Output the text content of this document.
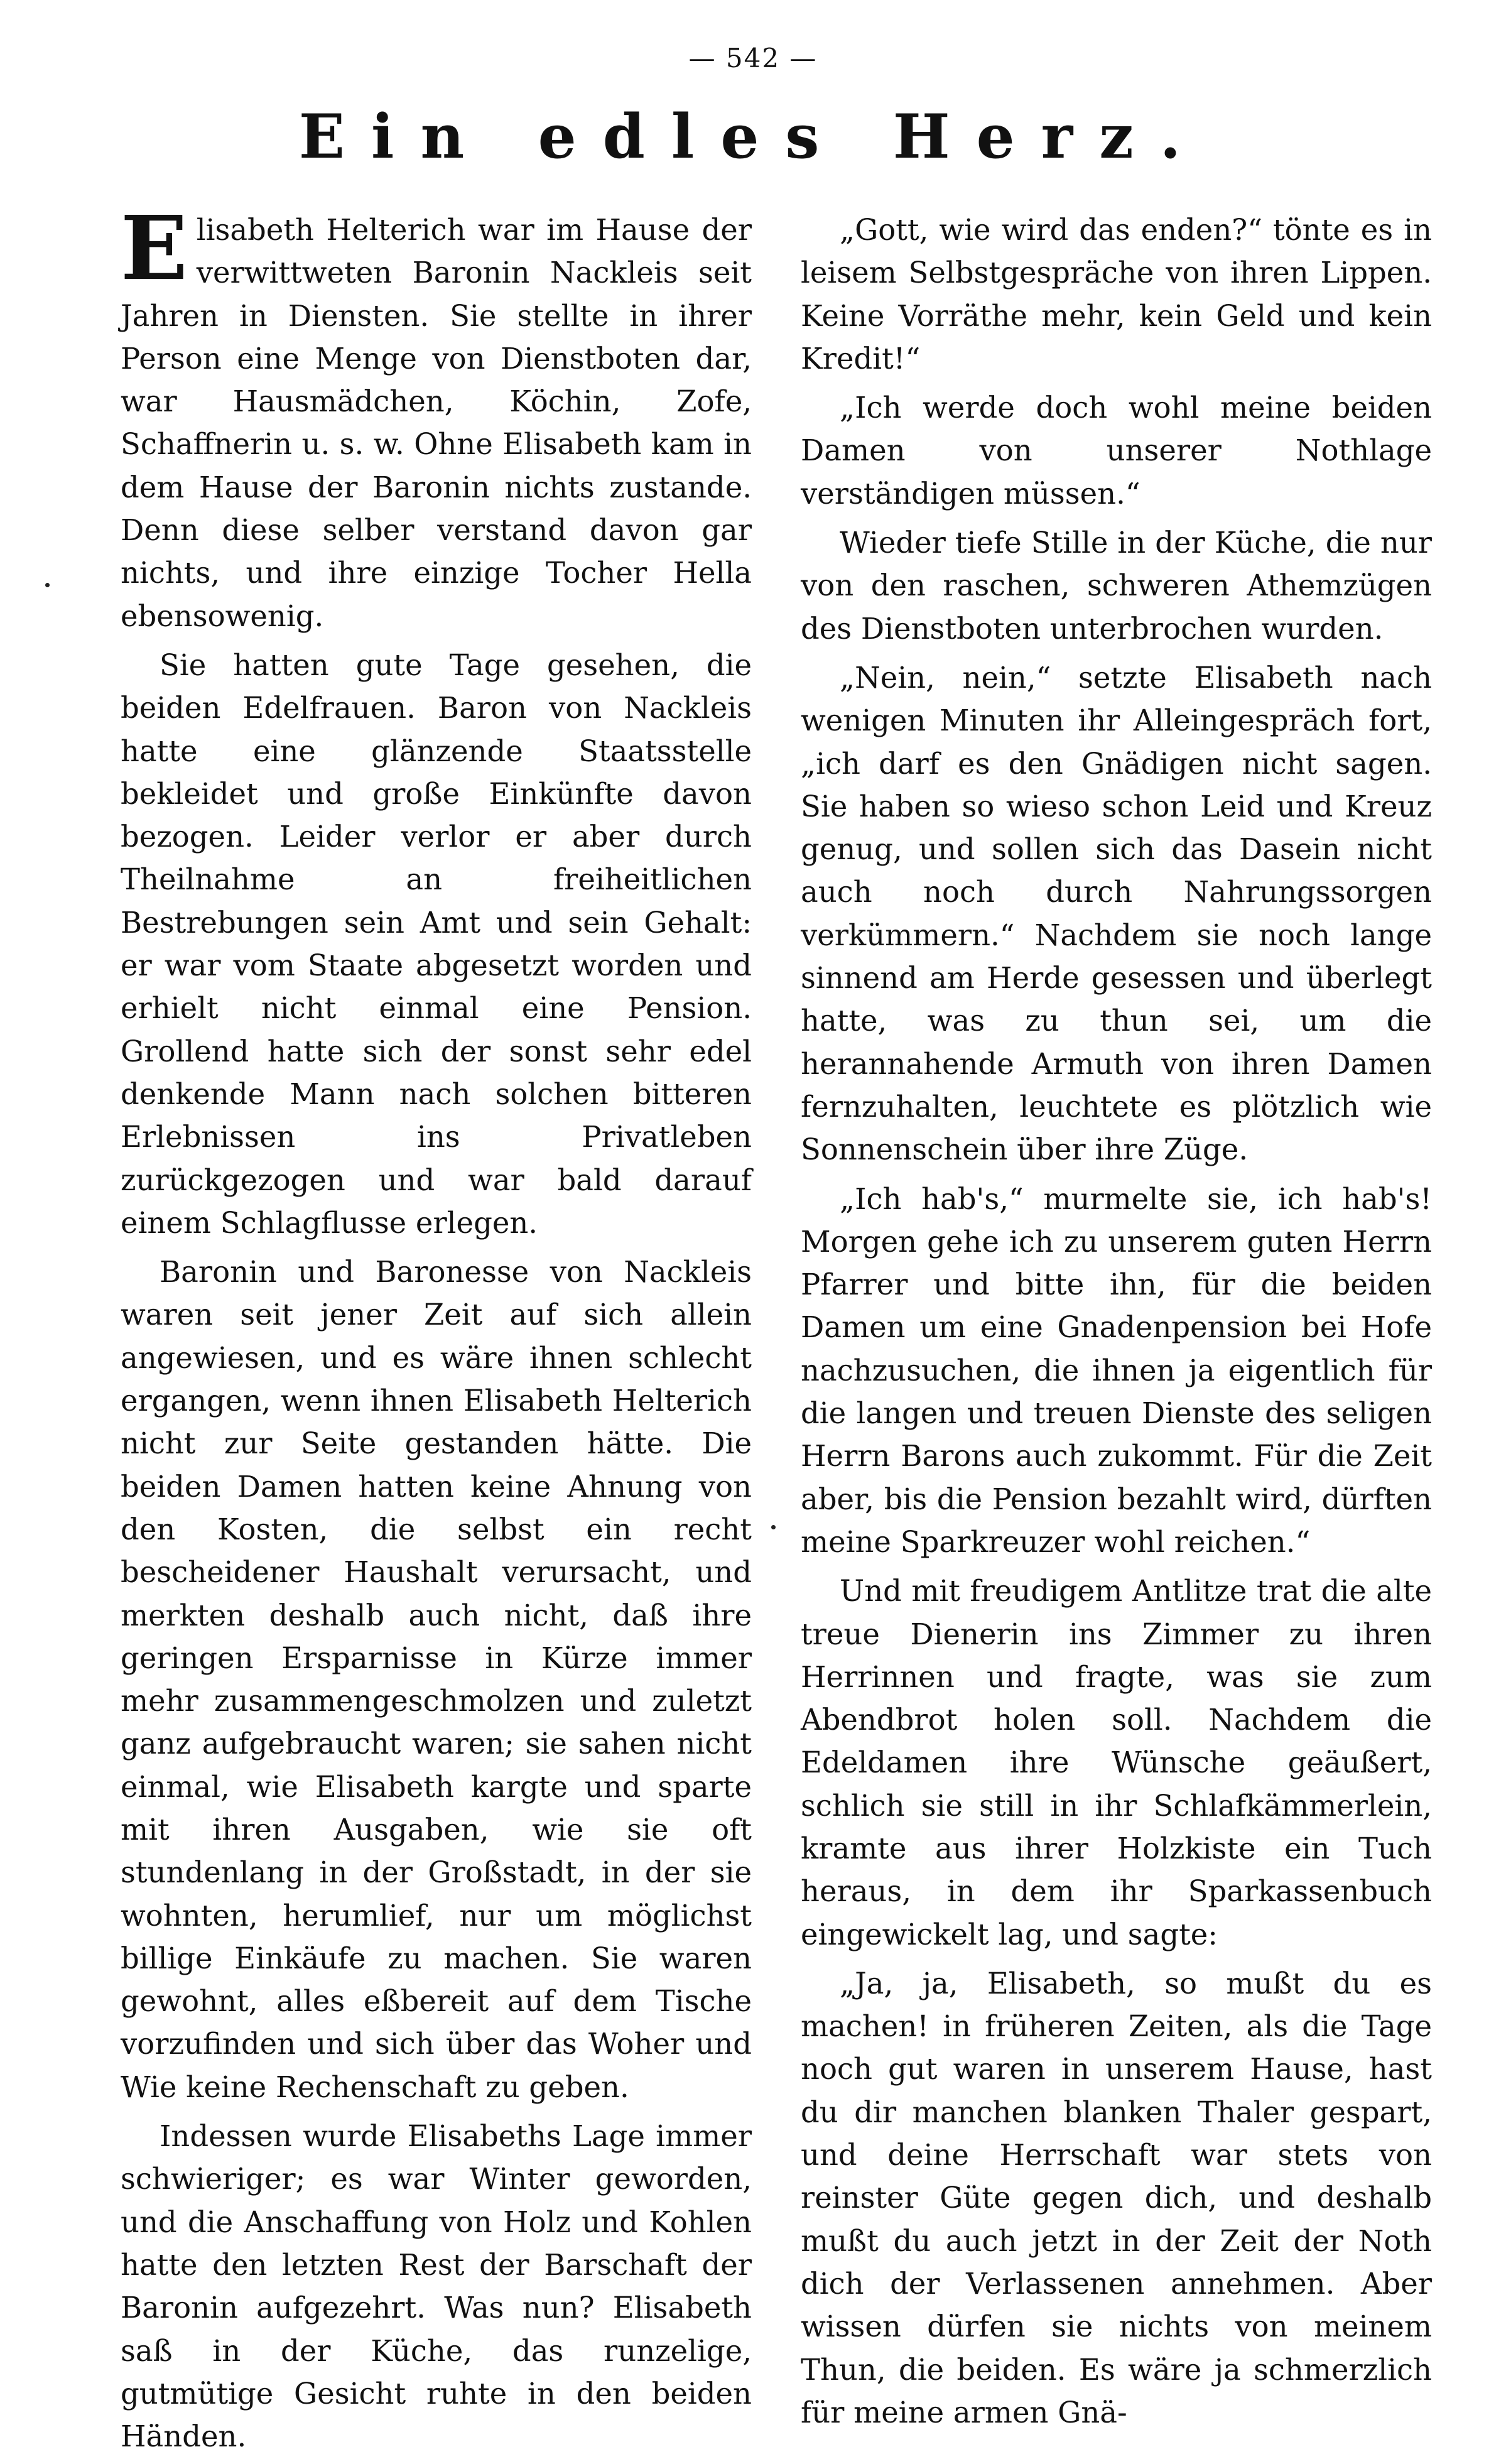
— 542 —
Ein edles Herz.

Elisabeth Helterich war im Hause der verwittweten Baronin Nackleis seit Jahren in Diensten. Sie stellte in ihrer Person eine Menge von Dienstboten dar, war Hausmädchen, Köchin, Zofe, Schaffnerin u. s. w. Ohne Elisabeth kam in dem Hause der Baronin nichts zustande. Denn diese selber verstand davon gar nichts, und ihre einzige Tocher Hella ebensowenig.

Sie hatten gute Tage gesehen, die beiden Edelfrauen. Baron von Nackleis hatte eine glänzende Staatsstelle bekleidet und große Einkünfte davon bezogen. Leider verlor er aber durch Theilnahme an freiheitlichen Bestrebungen sein Amt und sein Gehalt: er war vom Staate abgesetzt worden und erhielt nicht einmal eine Pension. Grollend hatte sich der sonst sehr edel denkende Mann nach solchen bitteren Erlebnissen ins Privatleben zurückgezogen und war bald darauf einem Schlagflusse erlegen.

Baronin und Baronesse von Nackleis waren seit jener Zeit auf sich allein angewiesen, und es wäre ihnen schlecht ergangen, wenn ihnen Elisabeth Helterich nicht zur Seite gestanden hätte. Die beiden Damen hatten keine Ahnung von den Kosten, die selbst ein recht bescheidener Haushalt verursacht, und merkten deshalb auch nicht, daß ihre geringen Ersparnisse in Kürze immer mehr zusammengeschmolzen und zuletzt ganz aufgebraucht waren; sie sahen nicht einmal, wie Elisabeth kargte und sparte mit ihren Ausgaben, wie sie oft stundenlang in der Großstadt, in der sie wohnten, herumlief, nur um möglichst billige Einkäufe zu machen. Sie waren gewohnt, alles eßbereit auf dem Tische vorzufinden und sich über das Woher und Wie keine Rechenschaft zu geben.

Indessen wurde Elisabeths Lage immer schwieriger; es war Winter geworden, und die Anschaffung von Holz und Kohlen hatte den letzten Rest der Barschaft der Baronin aufgezehrt. Was nun? Elisabeth saß in der Küche, das runzelige, gutmütige Gesicht ruhte in den beiden Händen.

„Gott, wie wird das enden?“ tönte es in leisem Selbstgespräche von ihren Lippen. Keine Vorräthe mehr, kein Geld und kein Kredit!“

„Ich werde doch wohl meine beiden Damen von unserer Nothlage verständigen müssen.“

Wieder tiefe Stille in der Küche, die nur von den raschen, schweren Athemzügen des Dienstboten unterbrochen wurden.

„Nein, nein,“ setzte Elisabeth nach wenigen Minuten ihr Alleingespräch fort, „ich darf es den Gnädigen nicht sagen. Sie haben so wieso schon Leid und Kreuz genug, und sollen sich das Dasein nicht auch noch durch Nahrungssorgen verkümmern.“ Nachdem sie noch lange sinnend am Herde gesessen und überlegt hatte, was zu thun sei, um die herannahende Armuth von ihren Damen fernzuhalten, leuchtete es plötzlich wie Sonnenschein über ihre Züge.

„Ich hab's,“ murmelte sie, ich hab's! Morgen gehe ich zu unserem guten Herrn Pfarrer und bitte ihn, für die beiden Damen um eine Gnadenpension bei Hofe nachzusuchen, die ihnen ja eigentlich für die langen und treuen Dienste des seligen Herrn Barons auch zukommt. Für die Zeit aber, bis die Pension bezahlt wird, dürften meine Sparkreuzer wohl reichen.“

Und mit freudigem Antlitze trat die alte treue Dienerin ins Zimmer zu ihren Herrinnen und fragte, was sie zum Abendbrot holen soll. Nachdem die Edeldamen ihre Wünsche geäußert, schlich sie still in ihr Schlafkämmerlein, kramte aus ihrer Holzkiste ein Tuch heraus, in dem ihr Sparkassenbuch eingewickelt lag, und sagte:

„Ja, ja, Elisabeth, so mußt du es machen! in früheren Zeiten, als die Tage noch gut waren in unserem Hause, hast du dir manchen blanken Thaler gespart, und deine Herrschaft war stets von reinster Güte gegen dich, und deshalb mußt du auch jetzt in der Zeit der Noth dich der Verlassenen annehmen. Aber wissen dürfen sie nichts von meinem Thun, die beiden. Es wäre ja schmerzlich für meine armen Gnä-
